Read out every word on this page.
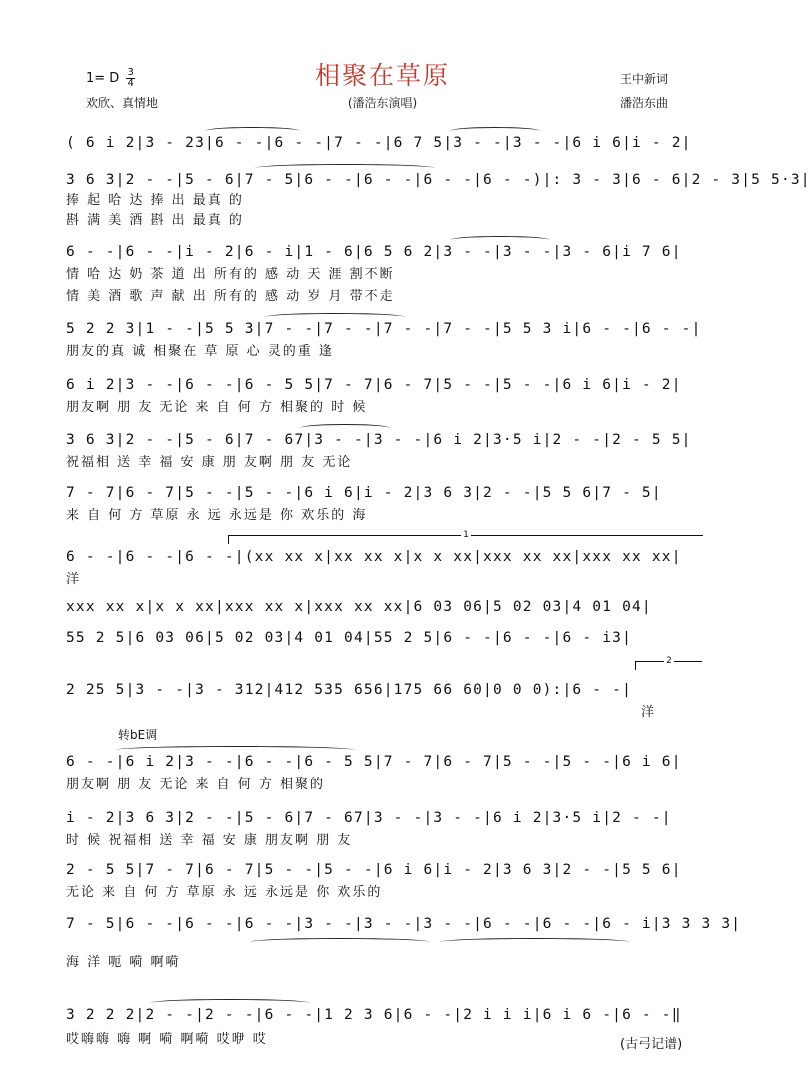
1= D $\frac{3}{4}$
欢欣、真情地
相聚在草原
(潘浩东演唱)
王中新词
潘浩东曲
( 6 i 2|3 - 23|6 - -|6 - -|7 - -|6 7 5|3 - -|3 - -|6 i 6|i - 2|
3 6 3|2 - -|5 - 6|7 - 5|6 - -|6 - -|6 - -|6 - -)|: 3 - 3|6 - 6|2 - 3|5 5·3|
捧 起 哈 达 捧 出 最真 的
斟 满 美 酒 斟 出 最真 的
6 - -|6 - -|i - 2|6 - i|1 - 6|6 5 6 2|3 - -|3 - -|3 - 6|i 7 6|
情 哈 达 奶 茶 道 出 所有的 感 动 天 涯 割不断
情 美 酒 歌 声 献 出 所有的 感 动 岁 月 带不走
5 2 2 3|1 - -|5 5 3|7 - -|7 - -|7 - -|7 - -|5 5 3 i|6 - -|6 - -|
朋友的真 诚 相聚在 草 原 心 灵的重 逢
6 i 2|3 - -|6 - -|6 - 5 5|7 - 7|6 - 7|5 - -|5 - -|6 i 6|i - 2|
朋友啊 朋 友 无论 来 自 何 方 相聚的 时 候
3 6 3|2 - -|5 - 6|7 - 67|3 - -|3 - -|6 i 2|3·5 i|2 - -|2 - 5 5|
祝福相 送 幸 福 安 康 朋 友啊 朋 友 无论
7 - 7|6 - 7|5 - -|5 - -|6 i 6|i - 2|3 6 3|2 - -|5 5 6|7 - 5|
来 自 何 方 草原 永 远 永远是 你 欢乐的 海
1
6 - -|6 - -|6 - -|(xx xx x|xx xx x|x x xx|xxx xx xx|xxx xx xx|
洋
xxx xx x|x x xx|xxx xx x|xxx xx xx|6 03 06|5 02 03|4 01 04|
55 2 5|6 03 06|5 02 03|4 01 04|55 2 5|6 - -|6 - -|6 - i3|
2
2 25 5|3 - -|3 - 312|412 535 656|175 66 60|0 0 0):|6 - -|
洋
转bE调
6 - -|6 i 2|3 - -|6 - -|6 - 5 5|7 - 7|6 - 7|5 - -|5 - -|6 i 6|
朋友啊 朋 友 无论 来 自 何 方 相聚的
i - 2|3 6 3|2 - -|5 - 6|7 - 67|3 - -|3 - -|6 i 2|3·5 i|2 - -|
时 候 祝福相 送 幸 福 安 康 朋友啊 朋 友
2 - 5 5|7 - 7|6 - 7|5 - -|5 - -|6 i 6|i - 2|3 6 3|2 - -|5 5 6|
无论 来 自 何 方 草原 永 远 永远是 你 欢乐的
7 - 5|6 - -|6 - -|6 - -|3 - -|3 - -|3 - -|6 - -|6 - -|6 - i|3 3 3 3|
海 洋 呃 嗬 啊嗬
3 2 2 2|2 - -|2 - -|6 - -|1 2 3 6|6 - -|2 i i i|6 i 6 -|6 - -‖
哎嗨嗨 嗨 啊 嗬 啊嗬 哎咿 哎	(古弓记谱)
